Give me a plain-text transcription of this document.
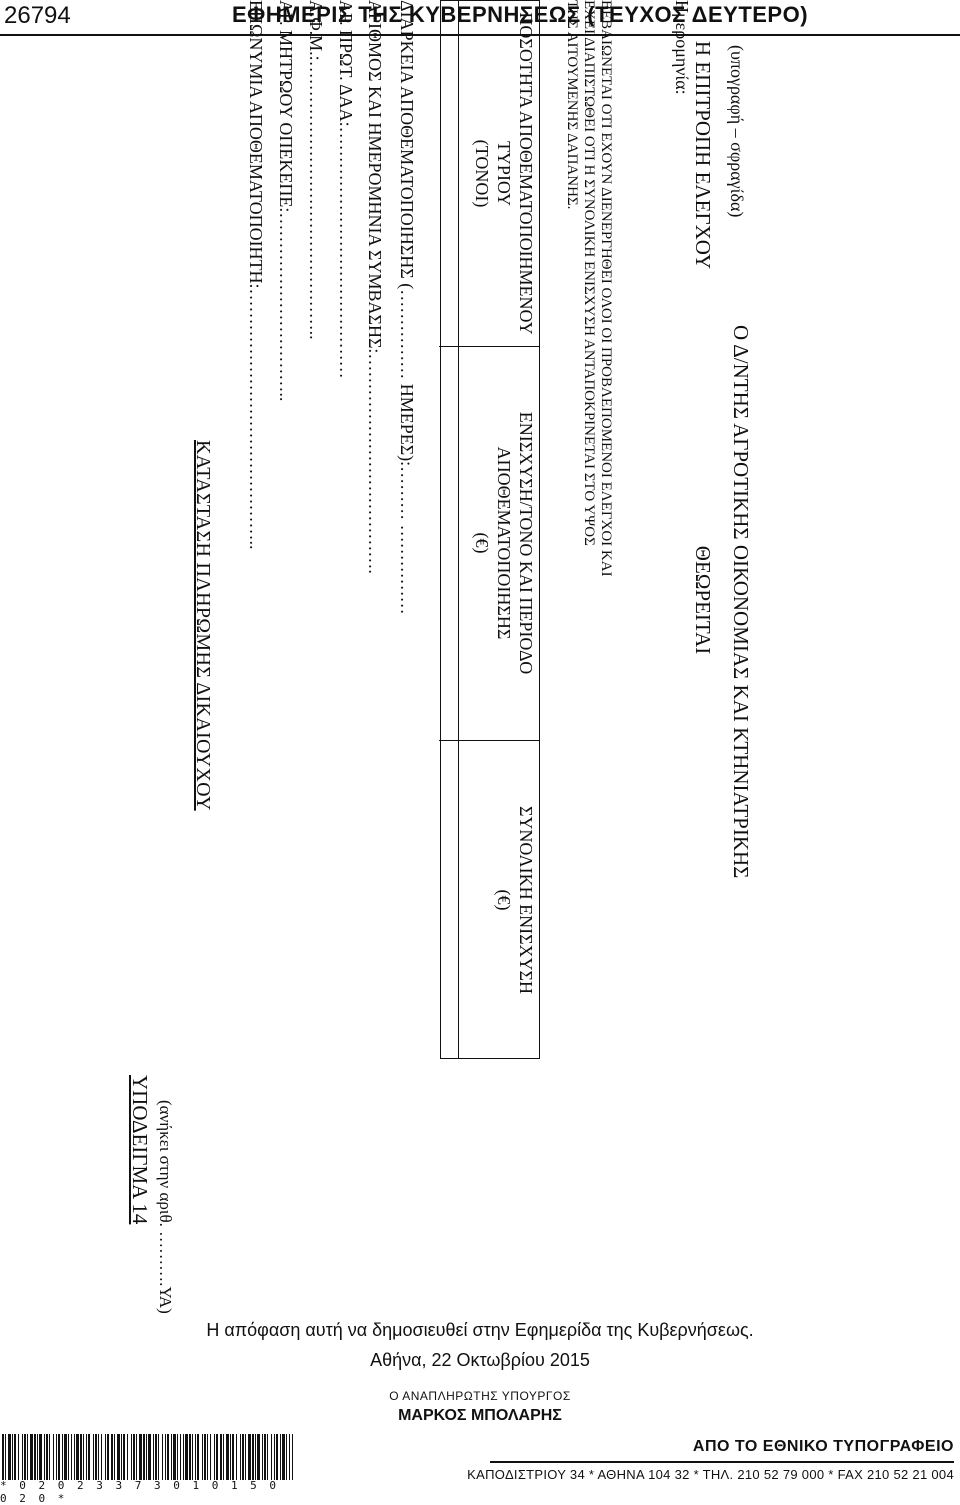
26794	ΕΦΗΜΕΡΙΣ ΤΗΣ ΚΥΒΕΡΝΗΣΕΩΣ (ΤΕΥΧΟΣ ΔΕΥΤΕΡΟ)
ΥΠΟΔΕΙΓΜΑ 14 (ανήκει στην αριθ. ……….ΥΑ)
ΚΑΤΑΣΤΑΣΗ ΠΛΗΡΩΜΗΣ ΔΙΚΑΙΟΥΧΟΥ
ΕΠΩΝΥΜΙΑ ΑΠΟΘΕΜΑΤΟΠΟΙΗΤΗ:…………………………………….. ΑΡ. ΜΗΤΡΩΟΥ ΟΠΕΚΕΠΕ:………………………….. Α.Φ.Μ.:……………………………………….. ΑΡ. ΠΡΩΤ. ΔΑΑ:…………………………………… ΑΡΙΘΜΟΣ ΚΑΙ ΗΜΕΡΟΜΗΝΙΑ ΣΥΜΒΑΣΗΣ:………………………………. ΔΙΑΡΚΕΙΑ ΑΠΟΘΕΜΑΤΟΠΟΙΗΣΗΣ (…………… ΗΜΕΡΕΣ):……… ……………	ΠΟΣΟΤΗΤΑ ΑΠΟΘΕΜΑΤΟΠΟΙΗΜΕΝΟΥ
ΤΥΡΙΟΥ
(ΤΟΝΟΙ)
ΕΝΙΣΧΥΣΗ/ΤΟΝΟ ΚΑΙ ΠΕΡΙΟΔΟ
ΑΠΟΘΕΜΑΤΟΠΟΙΗΣΗΣ
(€)
ΣΥΝΟΛΙΚΗ ΕΝΙΣΧΥΣΗ
(€)
ΒΕΒΑΙΩΝΕΤΑΙ ΟΤΙ ΕΧΟΥΝ ΔΙΕΝΕΡΓΗΘΕΙ ΟΛΟΙ ΟΙ ΠΡΟΒΛΕΠΟΜΕΝΟΙ ΕΛΕΓΧΟΙ ΚΑΙ
ΕΧΕΙ ΔΙΑΠΙΣΤΩΘΕΙ ΟΤΙ Η ΣΥΝΟΛΙΚΗ ΕΝΙΣΧΥΣΗ ΑΝΤΑΠΟΚΡΙΝΕΤΑΙ ΣΤΟ ΥΨΟΣ
ΤΗΣ ΑΙΤΟΥΜΕΝΗΣ ΔΑΠΑΝΗΣ.	Ημερομηνία: Η ΕΠΙΤΡΟΠΗ ΕΛΕΓΧΟΥ (υπογραφή – σφραγίδα)
ΘΕΩΡΕΙΤΑΙ Ο Δ/ΝΤΗΣ ΑΓΡΟΤΙΚΗΣ ΟΙΚΟΝΟΜΙΑΣ ΚΑΙ ΚΤΗΝΙΑΤΡΙΚΗΣ
Η απόφαση αυτή να δημοσιευθεί στην Εφημερίδα της Κυβερνήσεως.
Αθήνα, 22 Οκτωβρίου 2015
Ο ΑΝΑΠΛΗΡΩΤΗΣ ΥΠΟΥΡΓΟΣ
ΜΑΡΚΟΣ ΜΠΟΛΑΡΗΣ
* 0 2 0 2 3 3 7 3 0 1 0 1 5 0 0 2 0 *
ΑΠΟ ΤΟ ΕΘΝΙΚΟ ΤΥΠΟΓΡΑΦΕΙΟ
ΚΑΠΟΔΙΣΤΡΙΟΥ 34 * ΑΘΗΝΑ 104 32 * ΤΗΛ. 210 52 79 000 * FAX 210 52 21 004
